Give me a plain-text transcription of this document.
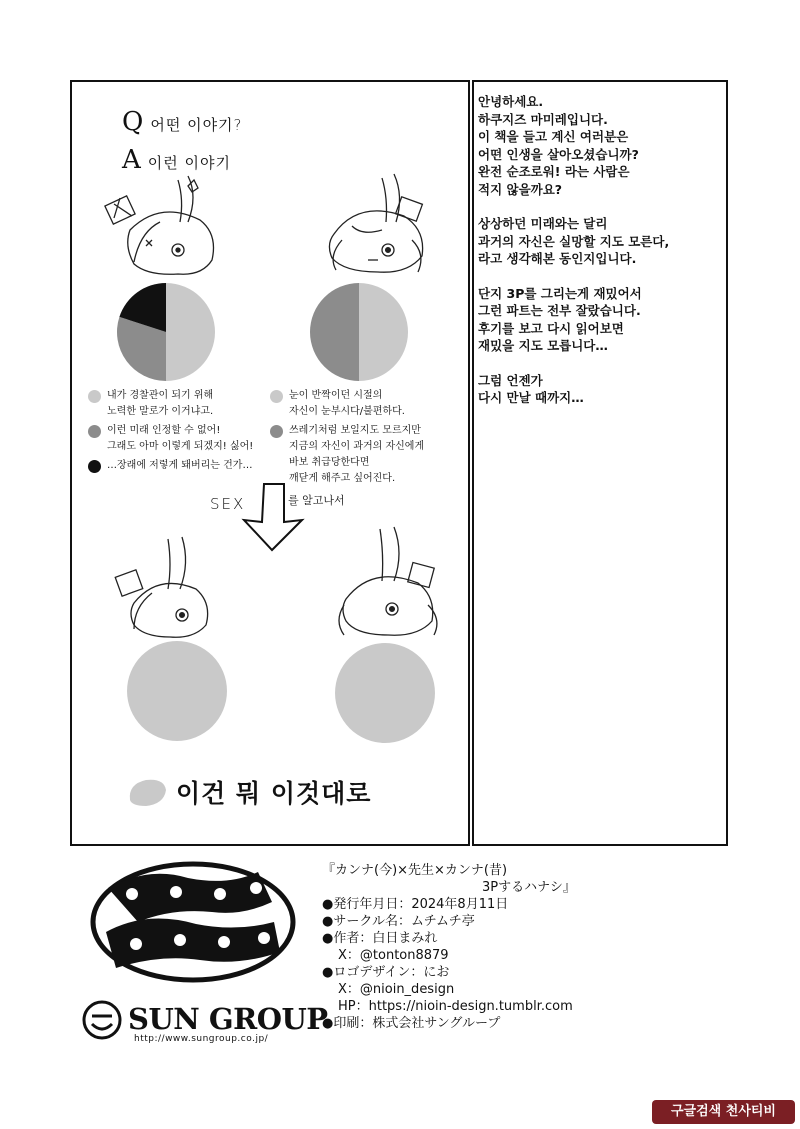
Q어떤 이야기?
A이런 이야기
내가 경찰관이 되기 위해
노력한 말로가 이거냐고.
이런 미래 인정할 수 없어!
그래도 아마 이렇게 되겠지! 싫어!
…장래에 저렇게 돼버리는 건가…
눈이 반짝이던 시절의
자신이 눈부시다/불편하다.
쓰레기처럼 보일지도 모르지만
지금의 자신이 과거의 자신에게
바보 취급당한다면
깨닫게 해주고 싶어진다.
SEX	를 알고나서
이건 뭐 이것대로

안녕하세요.

하쿠지즈 마미레입니다.

이 책을 들고 계신 여러분은

어떤 인생을 살아오셨습니까?

완전 순조로워! 라는 사람은

적지 않을까요?

상상하던 미래와는 달리

과거의 자신은 실망할 지도 모른다,

라고 생각해본 동인지입니다.

단지 3P를 그리는게 재밌어서

그런 파트는 전부 잘랐습니다.

후기를 보고 다시 읽어보면

재밌을 지도 모릅니다…

그럼 언젠가

다시 만날 때까지…

SUN GROUP
http://www.sungroup.co.jp/

『カンナ(今)×先生×カンナ(昔)

3Pするハナシ』

●発行年月日：2024年8月11日

●サークル名：ムチムチ亭

●作者：白日まみれ

X：@tonton8879

●ロゴデザイン：にお

X：@nioin_design

HP：https://nioin-design.tumblr.com

●印刷：株式会社サングループ

구글검색 천사티비
